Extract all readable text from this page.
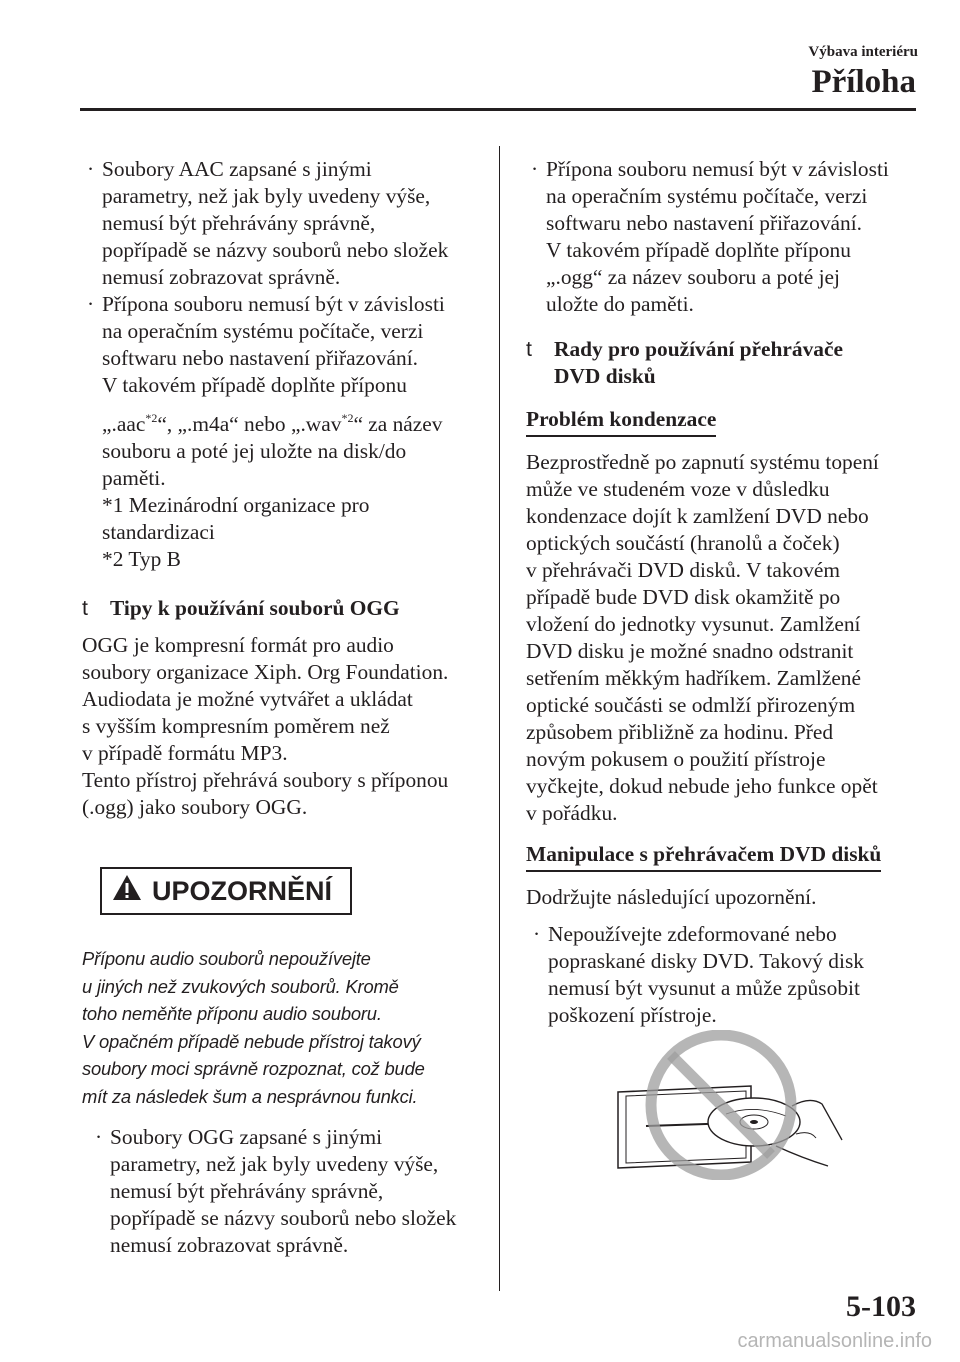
Výbava interiéru
Příloha
· Soubory AAC zapsané s jinými

parametry, než jak byly uvedeny výše,

nemusí být přehrávány správně,

popřípadě se názvy souborů nebo složek

nemusí zobrazovat správně.

· Přípona souboru nemusí být v závislosti

na operačním systému počítače, verzi

softwaru nebo nastavení přiřazování.

V takovém případě doplňte příponu

„.aac$^{*2}$“, „.m4a“ nebo „.wav$^{*2}$“ za název

souboru a poté jej uložte na disk/do

paměti.

*1 Mezinárodní organizace pro

standardizaci

*2 Typ B

t Tipy k používání souborů OGG

OGG je kompresní formát pro audio

soubory organizace Xiph. Org Foundation.

Audiodata je možné vytvářet a ukládat

s vyšším kompresním poměrem než

v případě formátu MP3.

Tento přístroj přehrává soubory s příponou

(.ogg) jako soubory OGG.

UPOZORNĚNÍ

Příponu audio souborů nepoužívejte

u jiných než zvukových souborů. Kromě

toho neměňte příponu audio souboru.

V opačném případě nebude přístroj takový

soubory moci správně rozpoznat, což bude

mít za následek šum a nesprávnou funkci.

· Soubory OGG zapsané s jinými

parametry, než jak byly uvedeny výše,

nemusí být přehrávány správně,

popřípadě se názvy souborů nebo složek

nemusí zobrazovat správně.

· Přípona souboru nemusí být v závislosti

na operačním systému počítače, verzi

softwaru nebo nastavení přiřazování.

V takovém případě doplňte příponu

„.ogg“ za název souboru a poté jej

uložte do paměti.

t Rady pro používání přehrávače

DVD disků

Problém kondenzace

Bezprostředně po zapnutí systému topení

může ve studeném voze v důsledku

kondenzace dojít k zamlžení DVD nebo

optických součástí (hranolů a čoček)

v přehrávači DVD disků. V takovém

případě bude DVD disk okamžitě po

vložení do jednotky vysunut. Zamlžení

DVD disku je možné snadno odstranit

setřením měkkým hadříkem. Zamlžené

optické součásti se odmlží přirozeným

způsobem přibližně za hodinu. Před

novým pokusem o použití přístroje

vyčkejte, dokud nebude jeho funkce opět

v pořádku.

Manipulace s přehrávačem DVD disků

Dodržujte následující upozornění.

· Nepoužívejte zdeformované nebo

popraskané disky DVD. Takový disk

nemusí být vysunut a může způsobit

poškození přístroje.

5-103
carmanualsonline.info
